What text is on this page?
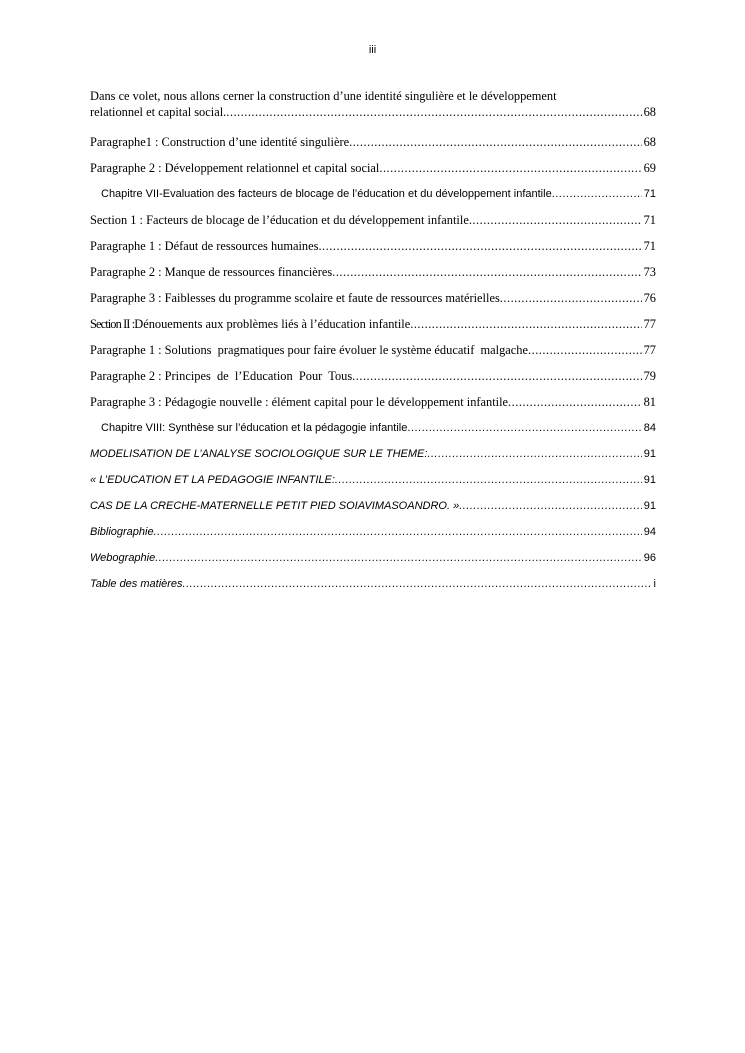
iii
Dans ce volet, nous allons cerner la construction d’une identité singulière et le développement
relationnel et capital social. .....	68
Paragraphe1 : Construction d’une identité singulière .....	68
Paragraphe 2 : Développement relationnel et capital social .....	69
Chapitre VII-Evaluation des facteurs de blocage de l’éducation et du développement infantile .....	71
Section 1 : Facteurs de blocage de l’éducation et du développement infantile .....	71
Paragraphe 1 : Défaut de ressources humaines .....	71
Paragraphe 2 : Manque de ressources financières .....	73
Paragraphe 3 : Faiblesses du programme scolaire et faute de ressources matérielles .....	76
Section II :Dénouements aux problèmes liés à l’éducation infantile .....	77
Paragraphe 1 : Solutions  pragmatiques pour faire évoluer le système éducatif  malgache .....	77
Paragraphe 2 : Principes  de  l’Education  Pour  Tous .....	79
Paragraphe 3 : Pédagogie nouvelle : élément capital pour le développement infantile .....	81
Chapitre VIII: Synthèse sur l’éducation et la pédagogie infantile .....	84
MODELISATION DE L’ANALYSE SOCIOLOGIQUE SUR LE THEME: .....	91
« L’EDUCATION ET LA PEDAGOGIE INFANTILE: .....	91
CAS DE LA CRECHE-MATERNELLE PETIT PIED SOIAVIMASOANDRO. » .....	91
Bibliographie .....	94
Webographie .....	96
Table des matières .....	i
